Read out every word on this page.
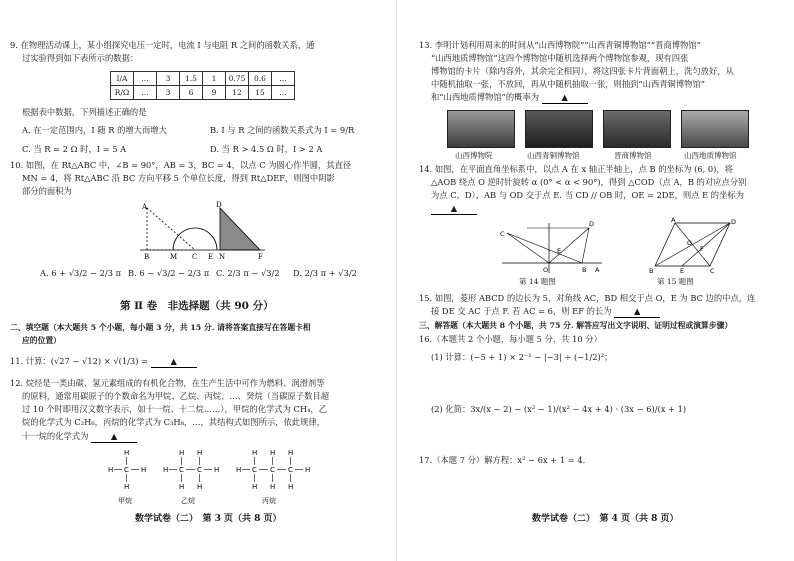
9. 在物理活动课上，某小组探究电压一定时，电流 I 与电阻 R 之间的函数关系，通
过实验得到如下表所示的数据：
I/A	…	3	1.5	1	0.75	0.6	…
R/Ω	…	3	6	9	12	15	…
根据表中数据，下列描述正确的是
A. 在一定范围内，I 随 R 的增大而增大	B. I 与 R 之间的函数关系式为 I = 9/R
C. 当 R = 2 Ω 时，I = 5 A	D. 当 R > 4.5 Ω 时，I > 2 A
10. 如图，在 Rt△ABC 中，∠B = 90°，AB = 3，BC = 4，以点 C 为圆心作半圆，其直径
MN = 4，将 Rt△ABC 沿 BC 方向平移 5 个单位长度，得到 Rt△DEF，则图中阴影
部分的面积为
A	D
B	M C E N	F
A. 6 + √3/2 − 2/3 π B. 6 − √3/2 − 2/3 π C. 2/3 π − √3/2 D. 2/3 π + √3/2
第 Ⅱ 卷　非选择题（共 90 分）
二、填空题（本大题共 5 个小题，每小题 3 分，共 15 分. 请将答案直接写在答题卡相
应的位置）
11. 计算：(√27 − √12) × √(1/3) =	▲
12. 烷烃是一类由碳、氢元素组成的有机化合物，在生产生活中可作为燃料、润滑剂等
的原料，通常用碳原子的个数命名为甲烷、乙烷、丙烷、…、癸烷（当碳原子数目超
过 10 个时即用汉文数字表示，如十一烷、十二烷……），甲烷的化学式为 CH₄，乙
烷的化学式为 C₂H₆，丙烷的化学式为 C₃H₈，…，其结构式如图所示，依此规律，
十一烷的化学式为	▲
H
H C H
H
H H
H C C H
H H
H H H
H C C C H
H H H
甲烷	乙烷	丙烷
数学试卷（二）　第 3 页（共 8 页）
13. 李明计划利用周末的时间从“山西博物院”“山西青铜博物馆”“晋商博物馆”
“山西地质博物馆”这四个博物馆中随机选择两个博物馆参观，现有四张
博物馆的卡片（除内容外，其余完全相同），将这四张卡片背面朝上，洗匀放好，从
中随机抽取一张，不放回，再从中随机抽取一张，则抽到“山西青铜博物馆”
和“山西地质博物馆”的概率为	▲
山西博物院	山西青铜博物馆	晋商博物馆	山西地质博物馆
14. 如图，在平面直角坐标系中，以点 A 在 x 轴正半轴上，点 B 的坐标为 (6, 0)，将
△AOB 绕点 O 逆时针旋转 α (0° < α < 90°)，得到 △COD（点 A，B 的对应点分别
为点 C，D），AB 与 OD 交于点 E. 当 CD // OB 时，OE = 2DE，则点 E 的坐标为
▲
C
D
E
O	B A
A	D
B	C
E
F
O
第 14 题图	第 15 题图
15. 如图，菱形 ABCD 的边长为 5，对角线 AC，BD 相交于点 O，E 为 BC 边的中点，连
接 DE 交 AC 于点 F. 若 AC = 6，则 EF 的长为	▲
三、解答题（本大题共 8 个小题，共 75 分. 解答应写出文字说明、证明过程或演算步骤）
16.（本题共 2 个小题，每小题 5 分，共 10 分）
(1) 计算：(−5 + 1) × 2⁻¹ − |−3| ÷ (−1/2)²；
(2) 化简：3x/(x − 2) − (x² − 1)/(x² − 4x + 4) · (3x − 6)/(x + 1)
17.（本题 7 分）解方程：x² − 6x + 1 = 4.
数学试卷（二）　第 4 页（共 8 页）
